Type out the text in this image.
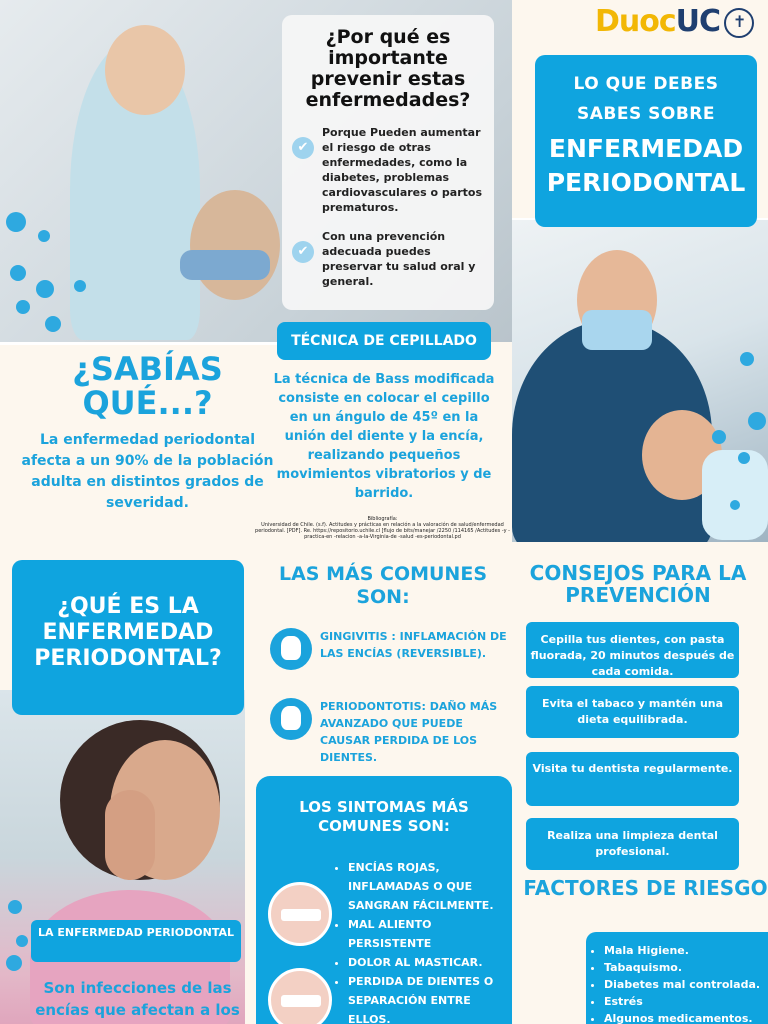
DuocUC✝
LO QUE DEBES
SABES SOBRE
ENFERMEDAD
PERIODONTAL
¿Por qué es importante prevenir estas enfermedades?
✔

Porque Pueden aumentar el riesgo de otras enfermedades, como la diabetes, problemas cardiovasculares o partos prematuros.

✔

Con una prevención adecuada puedes preservar tu salud oral y general.

¿SABÍAS QUÉ...?

La enfermedad periodontal afecta a un 90% de la población adulta en distintos grados de severidad.

TÉCNICA DE CEPILLADO
La técnica de Bass modificada consiste en colocar el cepillo en un ángulo de 45º en la unión del diente y la encía, realizando pequeños movimientos vibratorios y de barrido.
Bibliografía:
Universidad de Chile. (s.f). Actitudes y prácticas en relación a la valoración de salud/enfermedad periodontal. [PDF]. Re. https://repositorio.uchile.cl [flujo de bits/manejar /2250 /114165 /Actitudes -y -practica-en -relacion -a-la-Virginia-de -salud -es-periodontal.pd
¿QUÉ ES LA ENFERMEDAD PERIODONTAL?
LAS MÁS COMUNES SON:

GINGIVITIS : INFLAMACIÓN DE LAS ENCÍAS (REVERSIBLE).

PERIODONTOTIS: DAÑO MÁS AVANZADO QUE PUEDE CAUSAR PERDIDA DE LOS DIENTES.

LOS SINTOMAS MÁS COMUNES SON:
• ENCÍAS ROJAS, INFLAMADAS O QUE SANGRAN FÁCILMENTE.
• MAL ALIENTO PERSISTENTE
• DOLOR AL MASTICAR.
• PERDIDA DE DIENTES O SEPARACIÓN ENTRE ELLOS.
CONSEJOS PARA LA PREVENCIÓN
Cepilla tus dientes, con pasta fluorada, 20 minutos después de cada comida.
Evita el tabaco y mantén una dieta equilibrada.
Visita tu dentista regularmente.
Realiza una limpieza dental profesional.
FACTORES DE RIESGO
• Mala Higiene.
• Tabaquismo.
• Diabetes mal controlada.
• Estrés
• Algunos medicamentos.
LA ENFERMEDAD PERIODONTAL
Son infecciones de las encías que afectan a los
